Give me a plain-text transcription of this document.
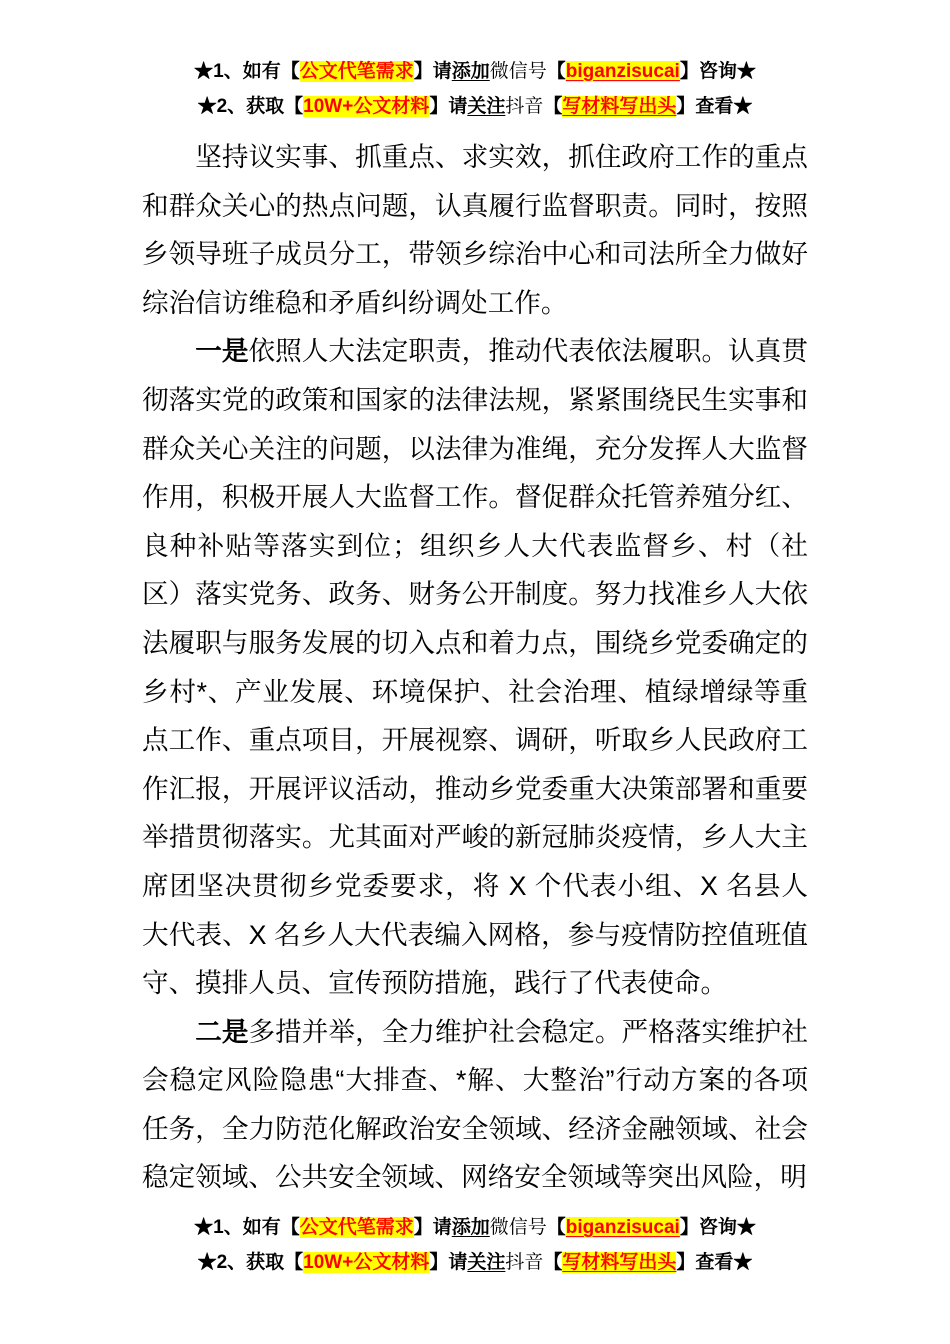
★1、如有【公文代笔需求】请添加微信号【biganzisucai】咨询★
★2、获取【10W+公文材料】请关注抖音【写材料写出头】查看★

坚持议实事、抓重点、求实效，抓住政府工作的重点和群众关心的热点问题，认真履行监督职责。同时，按照乡领导班子成员分工，带领乡综治中心和司法所全力做好综治信访维稳和矛盾纠纷调处工作。

一是依照人大法定职责，推动代表依法履职。认真贯彻落实党的政策和国家的法律法规，紧紧围绕民生实事和群众关心关注的问题，以法律为准绳，充分发挥人大监督作用，积极开展人大监督工作。督促群众托管养殖分红、良种补贴等落实到位；组织乡人大代表监督乡、村（社区）落实党务、政务、财务公开制度。努力找准乡人大依法履职与服务发展的切入点和着力点，围绕乡党委确定的乡村*、产业发展、环境保护、社会治理、植绿增绿等重点工作、重点项目，开展视察、调研，听取乡人民政府工作汇报，开展评议活动，推动乡党委重大决策部署和重要举措贯彻落实。尤其面对严峻的新冠肺炎疫情，乡人大主席团坚决贯彻乡党委要求，将 X 个代表小组、X 名县人大代表、X 名乡人大代表编入网格，参与疫情防控值班值守、摸排人员、宣传预防措施，践行了代表使命。

二是多措并举，全力维护社会稳定。严格落实维护社会稳定风险隐患“大排查、*解、大整治”行动方案的各项任务，全力防范化解政治安全领域、经济金融领域、社会稳定领域、公共安全领域、网络安全领域等突出风险，明

★1、如有【公文代笔需求】请添加微信号【biganzisucai】咨询★
★2、获取【10W+公文材料】请关注抖音【写材料写出头】查看★
